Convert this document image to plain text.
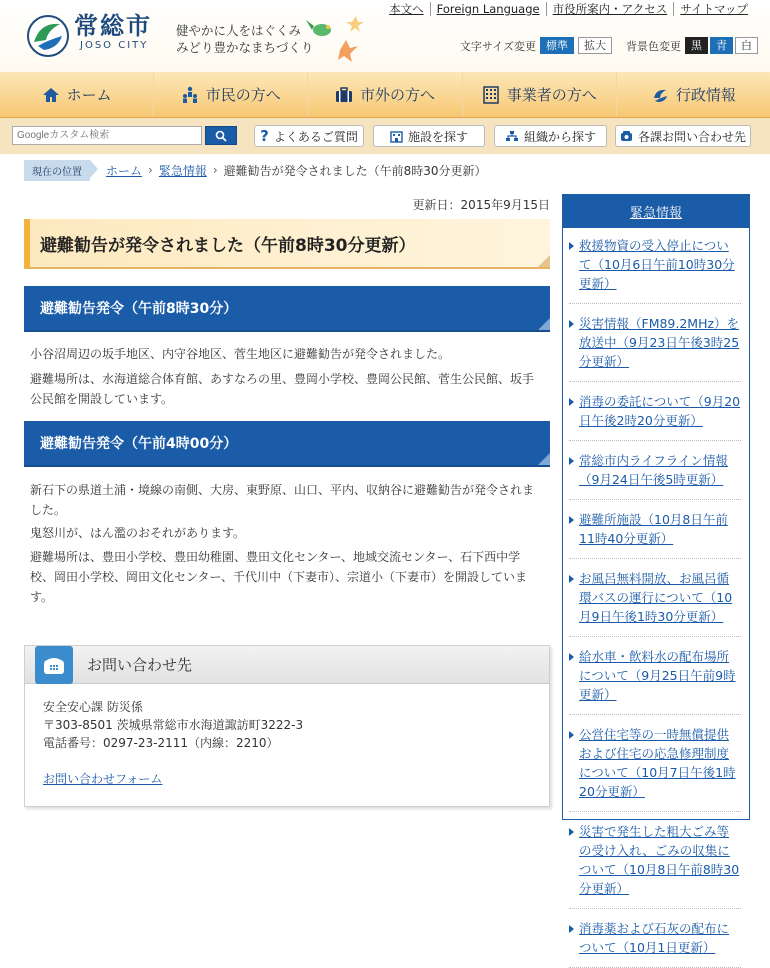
常総市
JOSO CITY
健やかに人をはぐくみ
みどり豊かなまちづくり
本文へ	Foreign Language	市役所案内・アクセス	サイトマップ
文字サイズ変更 標準	拡大	背景色変更 黒	青	白
ホーム	市民の方へ	市外の方へ	事業者の方へ	行政情報
Googleカスタム検索
? よくあるご質問	施設を探す	組織から探す	各課お問い合わせ先
現在の位置	ホーム › 緊急情報 › 避難勧告が発令されました（午前8時30分更新）
更新日：2015年9月15日
避難勧告が発令されました（午前8時30分更新）
避難勧告発令（午前8時30分）
小谷沼周辺の坂手地区、内守谷地区、菅生地区に避難勧告が発令されました。
避難場所は、水海道総合体育館、あすなろの里、豊岡小学校、豊岡公民館、菅生公民館、坂手公民館を開設しています。
避難勧告発令（午前4時00分）
新石下の県道土浦・境線の南側、大房、東野原、山口、平内、収納谷に避難勧告が発令されました。
鬼怒川が、はん濫のおそれがあります。
避難場所は、豊田小学校、豊田幼稚園、豊田文化センター、地域交流センター、石下西中学校、岡田小学校、岡田文化センター、千代川中（下妻市）、宗道小（下妻市）を開設しています。
お問い合わせ先
安全安心課 防災係
〒303-8501 茨城県常総市水海道諏訪町3222-3
電話番号：0297-23-2111（内線：2210）
お問い合わせフォーム
緊急情報
救援物資の受入停止について（10月6日午前10時30分更新）
災害情報（FM89.2MHz）を放送中（9月23日午後3時25分更新）
消毒の委託について（9月20日午後2時20分更新）
常総市内ライフライン情報（9月24日午後5時更新）
避難所施設（10月8日午前11時40分更新）
お風呂無料開放、お風呂循環バスの運行について（10月9日午後1時30分更新）
給水車・飲料水の配布場所について（9月25日午前9時更新）
公営住宅等の一時無償提供および住宅の応急修理制度について（10月7日午後1時20分更新）
災害で発生した粗大ごみ等の受け入れ、ごみの収集について（10月8日午前8時30分更新）
消毒薬および石灰の配布について（10月1日更新）
